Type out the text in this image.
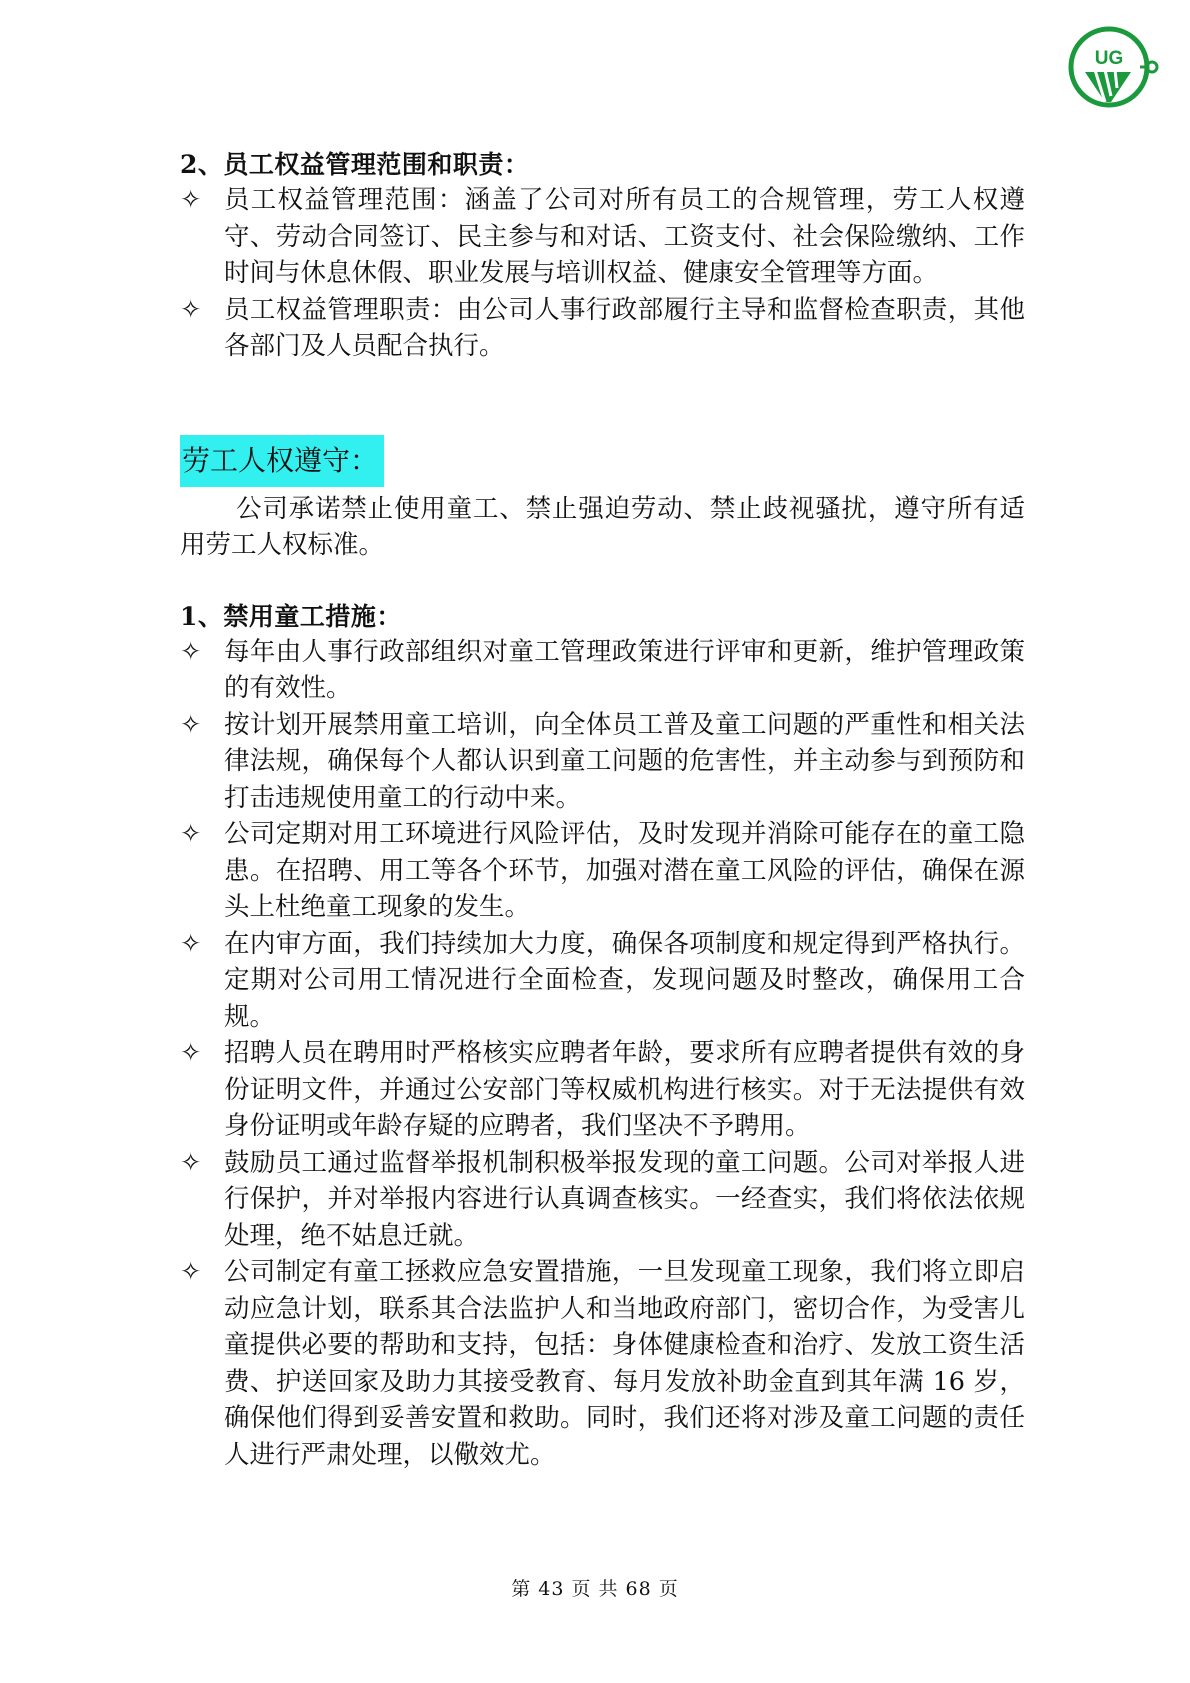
UG
2、员工权益管理范围和职责：
✧ 员工权益管理范围：涵盖了公司对所有员工的合规管理，劳工人权遵守、劳动合同签订、民主参与和对话、工资支付、社会保险缴纳、工作时间与休息休假、职业发展与培训权益、健康安全管理等方面。
✧ 员工权益管理职责：由公司人事行政部履行主导和监督检查职责，其他各部门及人员配合执行。
劳工人权遵守：

公司承诺禁止使用童工、禁止强迫劳动、禁止歧视骚扰，遵守所有适用劳工人权标准。

1、禁用童工措施：
✧ 每年由人事行政部组织对童工管理政策进行评审和更新，维护管理政策的有效性。
✧ 按计划开展禁用童工培训，向全体员工普及童工问题的严重性和相关法律法规，确保每个人都认识到童工问题的危害性，并主动参与到预防和打击违规使用童工的行动中来。
✧ 公司定期对用工环境进行风险评估，及时发现并消除可能存在的童工隐患。在招聘、用工等各个环节，加强对潜在童工风险的评估，确保在源头上杜绝童工现象的发生。
✧ 在内审方面，我们持续加大力度，确保各项制度和规定得到严格执行。定期对公司用工情况进行全面检查，发现问题及时整改，确保用工合规。
✧ 招聘人员在聘用时严格核实应聘者年龄，要求所有应聘者提供有效的身份证明文件，并通过公安部门等权威机构进行核实。对于无法提供有效身份证明或年龄存疑的应聘者，我们坚决不予聘用。
✧ 鼓励员工通过监督举报机制积极举报发现的童工问题。公司对举报人进行保护，并对举报内容进行认真调查核实。一经查实，我们将依法依规处理，绝不姑息迁就。
✧ 公司制定有童工拯救应急安置措施，一旦发现童工现象，我们将立即启动应急计划，联系其合法监护人和当地政府部门，密切合作，为受害儿童提供必要的帮助和支持，包括：身体健康检查和治疗、发放工资生活费、护送回家及助力其接受教育、每月发放补助金直到其年满 16 岁，确保他们得到妥善安置和救助。同时，我们还将对涉及童工问题的责任人进行严肃处理，以儆效尤。
第 43 页 共 68 页
